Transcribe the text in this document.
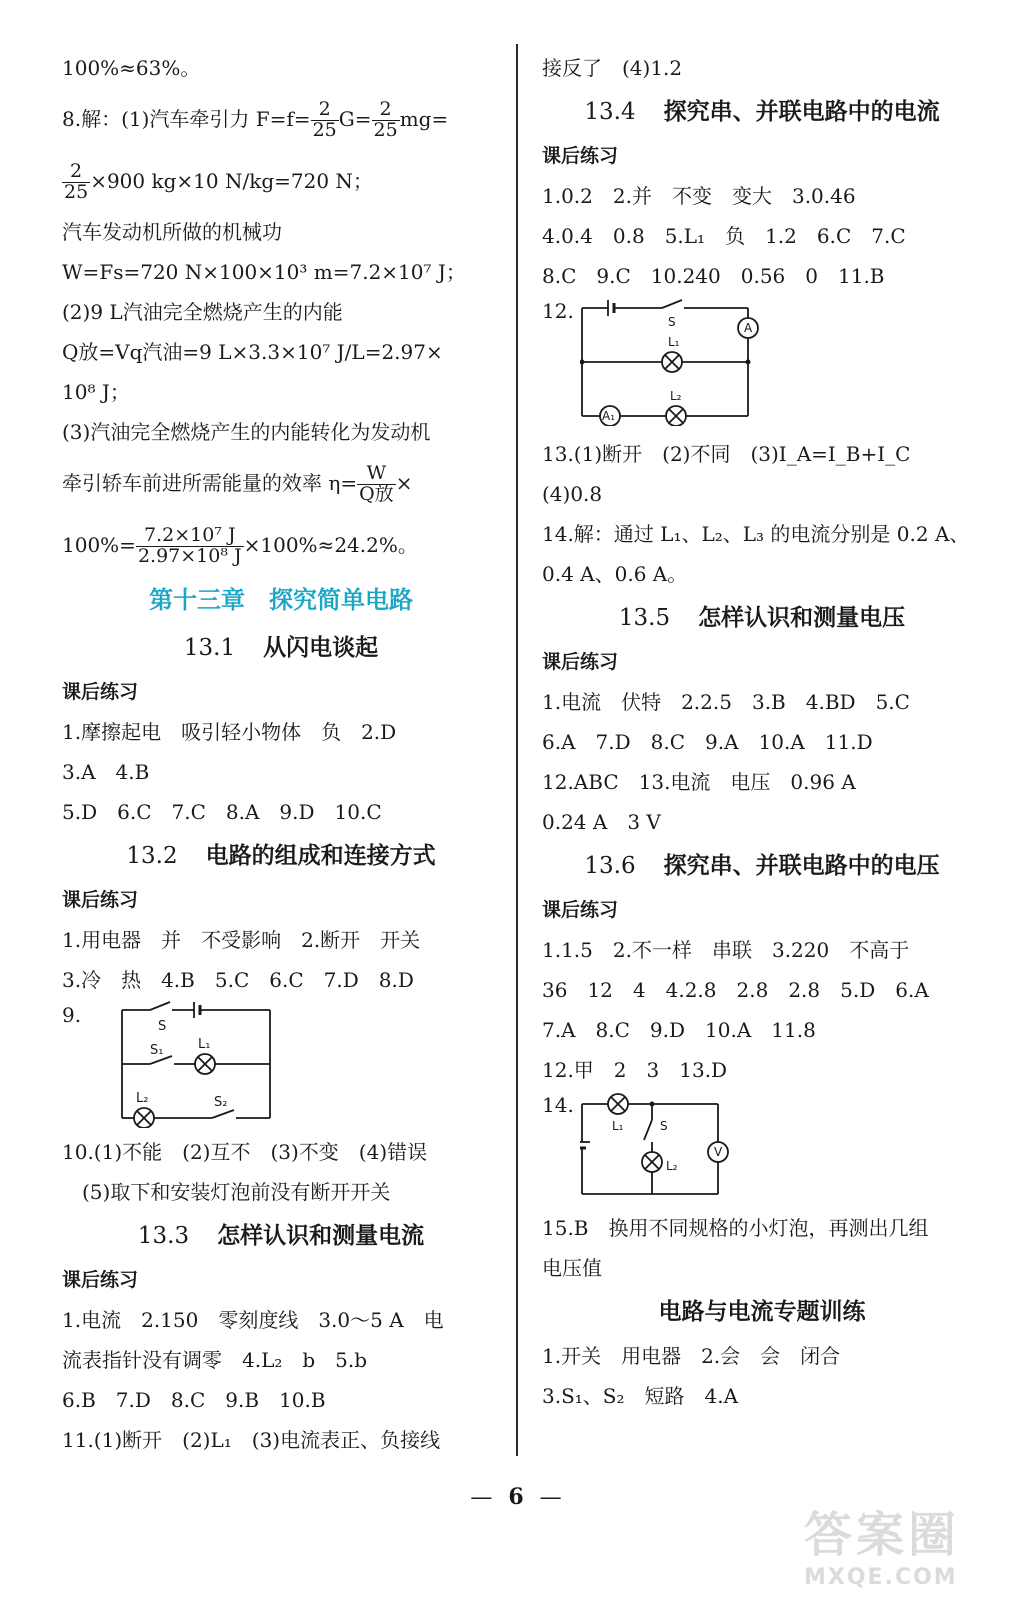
100%≈63%。
8.解：(1)汽车牵引力 $F=f= \frac{2}{25} G= \frac{2}{25} mg=$
$\frac{2}{25} \times 900$ kg×10 N/kg=720 N；
汽车发动机所做的机械功
W=Fs=720 N×100×10³ m=7.2×10⁷ J；
(2)9 L汽油完全燃烧产生的内能
Q放=Vq汽油=9 L×3.3×10⁷ J/L=2.97×
10⁸ J；
(3)汽油完全燃烧产生的内能转化为发动机
牵引轿车前进所需能量的效率 $\eta= \frac{W}{\text{Q放}}$ ×
$100\%= \frac{\text{7.2×10⁷ J}}{\text{2.97×10⁸ J}} \times 100\%\approx 24.2\%$。
第十三章　探究简单电路
13.1 从闪电谈起
课后练习
1.摩擦起电　吸引轻小物体　负　2.D
3.A　4.B
5.D　6.C　7.C　8.A　9.D　10.C
13.2 电路的组成和连接方式
课后练习
1.用电器　并　不受影响　2.断开　开关
3.冷　热　4.B　5.C　6.C　7.D　8.D
9.	S
S₁	L₁
L₂	S₂
10.(1)不能　(2)互不　(3)不变　(4)错误
(5)取下和安装灯泡前没有断开开关
13.3 怎样认识和测量电流
课后练习
1.电流　2.150　零刻度线　3.0～5 A　电
流表指针没有调零　4.L₂　b　5.b
6.B　7.D　8.C　9.B　10.B
11.(1)断开　(2)L₁　(3)电流表正、负接线
接反了　(4)1.2
13.4 探究串、并联电路中的电流
课后练习
1.0.2　2.并　不变　变大　3.0.46
4.0.4　0.8　5.L₁　负　1.2　6.C　7.C
8.C　9.C　10.240　0.56　0　11.B
12.	S	A
L₁
A₁
L₂
13.(1)断开　(2)不同　(3)I_A=I_B+I_C
(4)0.8
14.解：通过 L₁、L₂、L₃ 的电流分别是 0.2 A、
0.4 A、0.6 A。
13.5 怎样认识和测量电压
课后练习
1.电流　伏特　2.2.5　3.B　4.BD　5.C
6.A　7.D　8.C　9.A　10.A　11.D
12.ABC　13.电流　电压　0.96 A
0.24 A　3 V
13.6 探究串、并联电路中的电压
课后练习
1.1.5　2.不一样　串联　3.220　不高于
36　12　4　4.2.8　2.8　2.8　5.D　6.A
7.A　8.C　9.D　10.A　11.8
12.甲　2　3　13.D
14.
L₁	S
L₂
V
15.B　换用不同规格的小灯泡，再测出几组
电压值
电路与电流专题训练
1.开关　用电器　2.会　会　闭合
3.S₁、S₂　短路　4.A
— 6 —
答案圈
MXQE.COM
